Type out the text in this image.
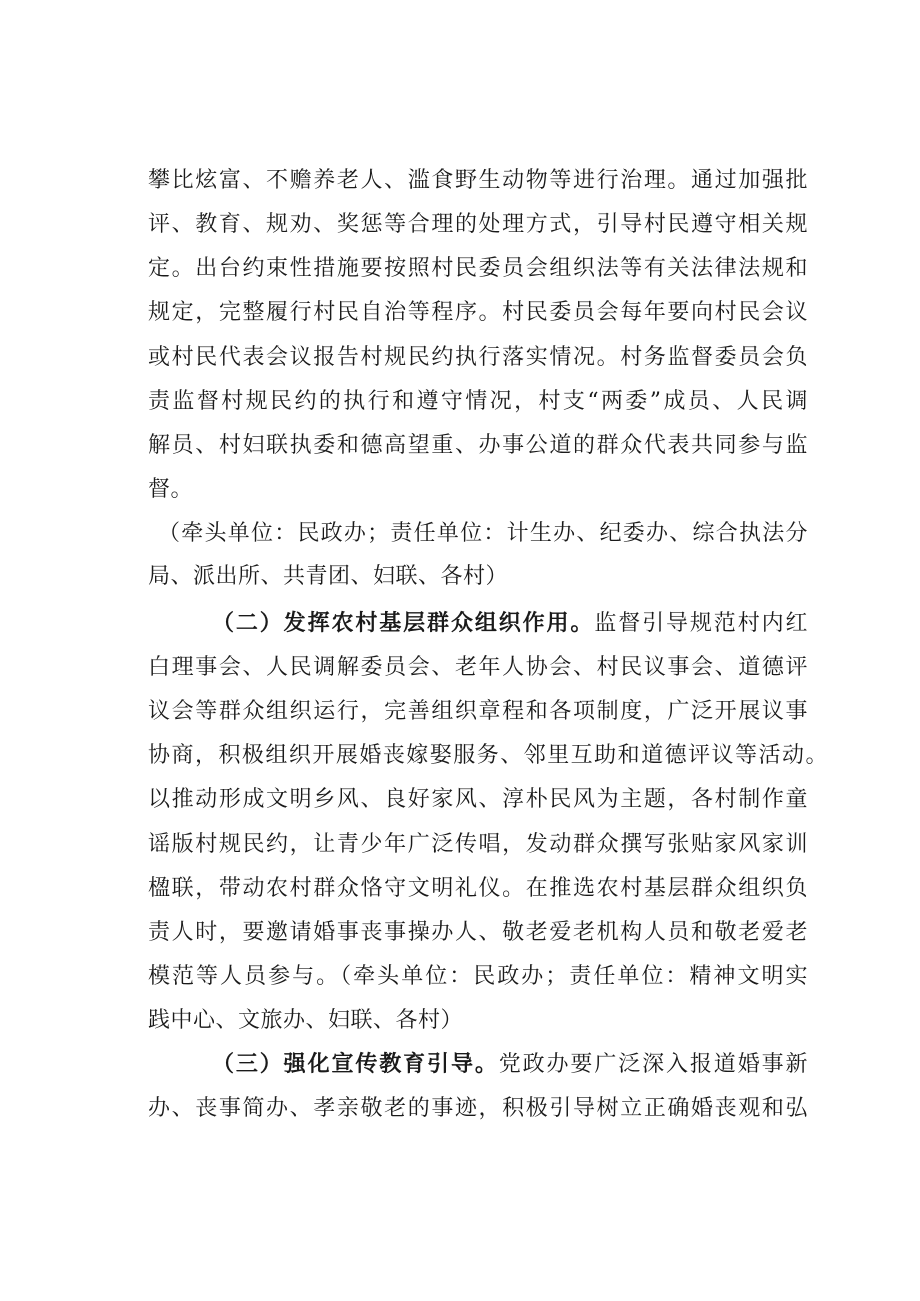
攀比炫富、不赡养老人、滥食野生动物等进行治理。通过加强批
评、教育、规劝、奖惩等合理的处理方式，引导村民遵守相关规
定。出台约束性措施要按照村民委员会组织法等有关法律法规和
规定，完整履行村民自治等程序。村民委员会每年要向村民会议
或村民代表会议报告村规民约执行落实情况。村务监督委员会负
责监督村规民约的执行和遵守情况，村支“两委”成员、人民调
解员、村妇联执委和德高望重、办事公道的群众代表共同参与监
督。
（牵头单位：民政办；责任单位：计生办、纪委办、综合执法分
局、派出所、共青团、妇联、各村）
（二）发挥农村基层群众组织作用。监督引导规范村内红
白理事会、人民调解委员会、老年人协会、村民议事会、道德评
议会等群众组织运行，完善组织章程和各项制度，广泛开展议事
协商，积极组织开展婚丧嫁娶服务、邻里互助和道德评议等活动。
以推动形成文明乡风、良好家风、淳朴民风为主题，各村制作童
谣版村规民约，让青少年广泛传唱，发动群众撰写张贴家风家训
楹联，带动农村群众恪守文明礼仪。在推选农村基层群众组织负
责人时，要邀请婚事丧事操办人、敬老爱老机构人员和敬老爱老
模范等人员参与。（牵头单位：民政办；责任单位：精神文明实
践中心、文旅办、妇联、各村）
（三）强化宣传教育引导。党政办要广泛深入报道婚事新
办、丧事简办、孝亲敬老的事迹，积极引导树立正确婚丧观和弘
